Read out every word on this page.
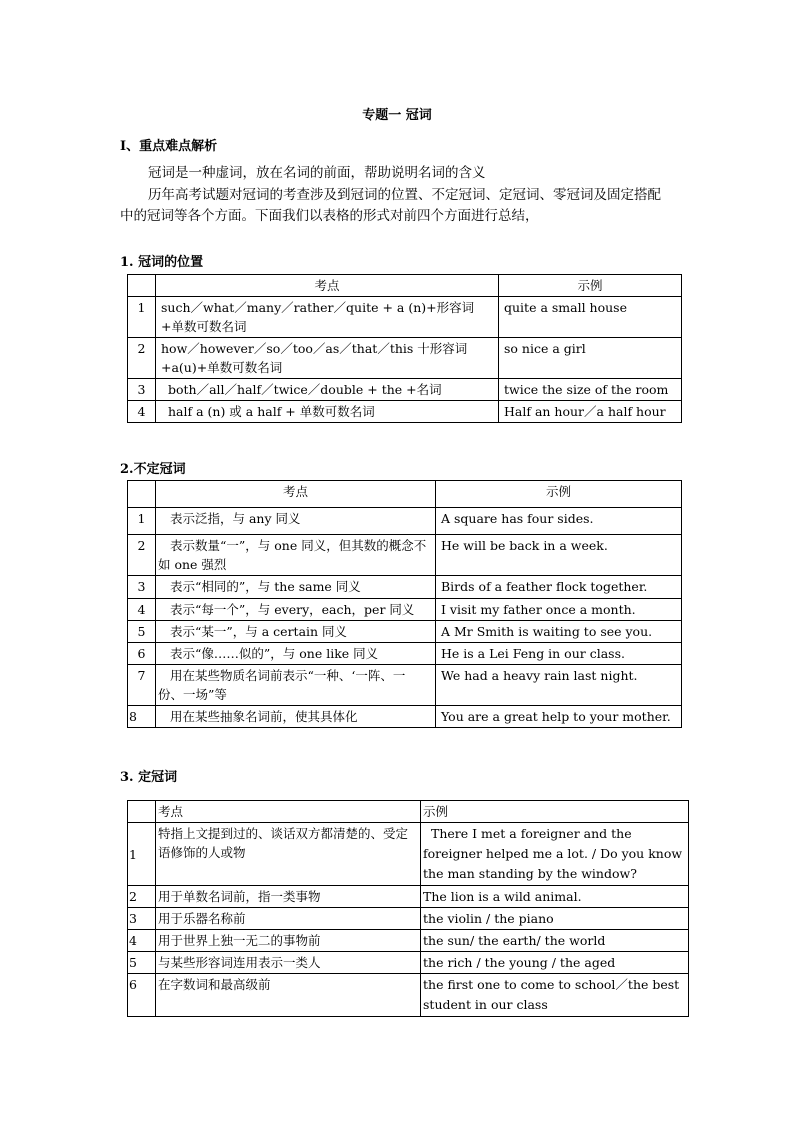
专题一 冠词
I、重点难点解析
冠词是一种虚词，放在名词的前面，帮助说明名词的含义
历年高考试题对冠词的考查涉及到冠词的位置、不定冠词、定冠词、零冠词及固定搭配
中的冠词等各个方面。下面我们以表格的形式对前四个方面进行总结，
1. 冠词的位置
	考点	示例
1	such／what／many／rather／quite + a (n)+形容词+单数可数名词	quite a small house
2	how／however／so／too／as／that／this 十形容词+a(u)+单数可数名词	so nice a girl
3	both／all／half／twice／double + the +名词	twice the size of the room
4	half a (n) 或 a half + 单数可数名词	Half an hour／a half hour
2.不定冠词
	考点	示例
1	表示泛指，与 any 同义	A square has four sides.
2	表示数量“一”，与 one 同义，但其数的概念不如 one 强烈	He will be back in a week.
3	表示“相同的”，与 the same 同义	Birds of a feather flock together.
4	表示“每一个”，与 every，each，per 同义	I visit my father once a month.
5	表示“某一”，与 a certain 同义	A Mr Smith is waiting to see you.
6	表示“像……似的”，与 one like 同义	He is a Lei Feng in our class.
7	用在某些物质名词前表示“一种、‘一阵、一份、一场”等	We had a heavy rain last night.
8	用在某些抽象名词前，使其具体化	You are a great help to your mother.
3. 定冠词
	考点	示例
1	特指上文提到过的、谈话双方都清楚的、受定语修饰的人或物	There I met a foreigner and the foreigner helped me a lot. / Do you know the man standing by the window?
2	用于单数名词前，指一类事物	The lion is a wild animal.
3	用于乐器名称前	the violin / the piano
4	用于世界上独一无二的事物前	the sun/ the earth/ the world
5	与某些形容词连用表示一类人	the rich / the young / the aged
6	在字数词和最高级前	the first one to come to school／the best student in our class
